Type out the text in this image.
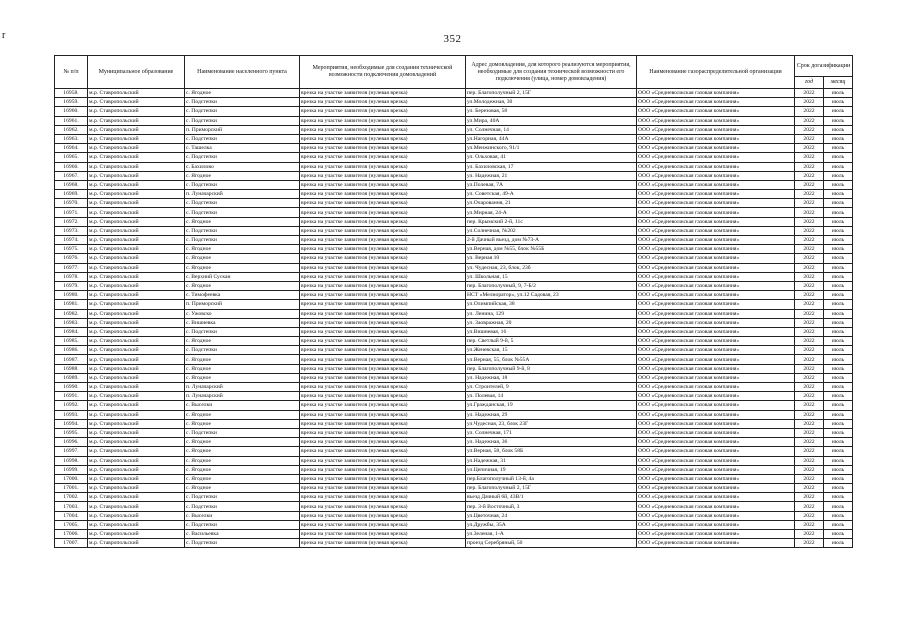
352
r
№ п/п	Муниципальное образование	Наименование населенного пункта	Мероприятия, необходимые для создания технической возможности подключения домовладений	Адрес домовладения, для которого реализуются мероприятия, необходимые для создания технической возможности его подключения (улица, номер домовладения)	Наименование газораспределительной организации	Срок догазификации	
						год	месяц
16958.	м.р. Ставропольский	с. Ягодное	врезка на участке заявителя (нулевая врезка)	пер. Благополучный 2, 15Г	ООО «Средневолжская газовая компания»	2022	июль
16959.	м.р. Ставропольский	с. Подстепки	врезка на участке заявителя (нулевая врезка)	ул.Молодежная, 30	ООО «Средневолжская газовая компания»	2022	июль
16960.	м.р. Ставропольский	с. Подстепки	врезка на участке заявителя (нулевая врезка)	ул. Березовая, 58	ООО «Средневолжская газовая компания»	2022	июль
16961.	м.р. Ставропольский	с. Подстепки	врезка на участке заявителя (нулевая врезка)	ул.Мира, 40А	ООО «Средневолжская газовая компания»	2022	июль
16962.	м.р. Ставропольский	п. Приморский	врезка на участке заявителя (нулевая врезка)	ул. Солнечная, 14	ООО «Средневолжская газовая компания»	2022	июль
16963.	м.р. Ставропольский	с. Подстепки	врезка на участке заявителя (нулевая врезка)	ул.Нагорная, 44А	ООО «Средневолжская газовая компания»	2022	июль
16964.	м.р. Ставропольский	с. Ташелка	врезка на участке заявителя (нулевая врезка)	ул.Менжинского, 91/1	ООО «Средневолжская газовая компания»	2022	июль
16965.	м.р. Ставропольский	с. Подстепки	врезка на участке заявителя (нулевая врезка)	ул. Ольховая, 41	ООО «Средневолжская газовая компания»	2022	июль
16966.	м.р. Ставропольский	с. Бахилово	врезка на участке заявителя (нулевая врезка)	ул. Бахиловская, 17	ООО «Средневолжская газовая компания»	2022	июль
16967.	м.р. Ставропольский	с. Ягодное	врезка на участке заявителя (нулевая врезка)	ул. Надежная, 21	ООО «Средневолжская газовая компания»	2022	июль
16968.	м.р. Ставропольский	с. Подстепки	врезка на участке заявителя (нулевая врезка)	ул.Полевая, 7А	ООО «Средневолжская газовая компания»	2022	июль
16969.	м.р. Ставропольский	п. Луначарский	врезка на участке заявителя (нулевая врезка)	ул. Советская, 49-А	ООО «Средневолжская газовая компания»	2022	июль
16970.	м.р. Ставропольский	с. Подстепки	врезка на участке заявителя (нулевая врезка)	ул.Очаровання, 21	ООО «Средневолжская газовая компания»	2022	июль
16971.	м.р. Ставропольский	с. Подстепки	врезка на участке заявителя (нулевая врезка)	ул.Мирная, 24-А	ООО «Средневолжская газовая компания»	2022	июль
16972.	м.р. Ставропольский	с. Ягодное	врезка на участке заявителя (нулевая врезка)	пер. Крымский 2-й, 11с	ООО «Средневолжская газовая компания»	2022	июль
16973.	м.р. Ставропольский	с. Подстепки	врезка на участке заявителя (нулевая врезка)	ул.Солнечная, №202	ООО «Средневолжская газовая компания»	2022	июль
16974.	м.р. Ставропольский	с. Подстепки	врезка на участке заявителя (нулевая врезка)	2-й Дачный въезд, дом №73-А	ООО «Средневолжская газовая компания»	2022	июль
16975.	м.р. Ставропольский	с. Ягодное	врезка на участке заявителя (нулевая врезка)	ул.Верная, дом №55, блок №55Б	ООО «Средневолжская газовая компания»	2022	июль
16976.	м.р. Ставропольский	с. Ягодное	врезка на участке заявителя (нулевая врезка)	ул. Верная 10	ООО «Средневолжская газовая компания»	2022	июль
16977.	м.р. Ставропольский	с. Ягодное	врезка на участке заявителя (нулевая врезка)	ул. Чудесная, 23, блок, 23б	ООО «Средневолжская газовая компания»	2022	июль
16978.	м.р. Ставропольский	с. Верхний Сускан	врезка на участке заявителя (нулевая врезка)	ул. Школьная, 15	ООО «Средневолжская газовая компания»	2022	июль
16979.	м.р. Ставропольский	с. Ягодное	врезка на участке заявителя (нулевая врезка)	пер. Благополучный, 9, 7-Б/2	ООО «Средневолжская газовая компания»	2022	июль
16980.	м.р. Ставропольский	с. Тимофеевка	врезка на участке заявителя (нулевая врезка)	НСТ «Мелиоратор», ул.12 Садовая, 23	ООО «Средневолжская газовая компания»	2022	июль
16981.	м.р. Ставропольский	п. Приморский	врезка на участке заявителя (нулевая врезка)	ул.Олимпийская, 38	ООО «Средневолжская газовая компания»	2022	июль
16982.	м.р. Ставропольский	с. Ужовско	врезка на участке заявителя (нулевая врезка)	ул. Ленина, 129	ООО «Средневолжская газовая компания»	2022	июль
16983.	м.р. Ставропольский	с. Вишневка	врезка на участке заявителя (нулевая врезка)	ул. Заовражная, 20	ООО «Средневолжская газовая компания»	2022	июль
16984.	м.р. Ставропольский	с. Подстепки	врезка на участке заявителя (нулевая врезка)	ул.Вишневая, 16	ООО «Средневолжская газовая компания»	2022	июль
16985.	м.р. Ставропольский	с. Ягодное	врезка на участке заявителя (нулевая врезка)	пер. Светлый 9-й, 5	ООО «Средневолжская газовая компания»	2022	июль
16986.	м.р. Ставропольский	с. Подстепки	врезка на участке заявителя (нулевая врезка)	ул.Женевская, 15	ООО «Средневолжская газовая компания»	2022	июль
16987.	м.р. Ставропольский	с. Ягодное	врезка на участке заявителя (нулевая врезка)	ул.Верная, 55, блок №55А	ООО «Средневолжская газовая компания»	2022	июль
16988.	м.р. Ставропольский	с. Ягодное	врезка на участке заявителя (нулевая врезка)	пер. Благополучный 9-й, 8	ООО «Средневолжская газовая компания»	2022	июль
16989.	м.р. Ставропольский	с. Ягодное	врезка на участке заявителя (нулевая врезка)	ул. Надежная, 18	ООО «Средневолжская газовая компания»	2022	июль
16990.	м.р. Ставропольский	п. Луначарский	врезка на участке заявителя (нулевая врезка)	ул. Строителей, 9	ООО «Средневолжская газовая компания»	2022	июль
16991.	м.р. Ставропольский	п. Луначарский	врезка на участке заявителя (нулевая врезка)	ул. Полевая, 14	ООО «Средневолжская газовая компания»	2022	июль
16992.	м.р. Ставропольский	с. Выселки	врезка на участке заявителя (нулевая врезка)	ул.Гражданская, 19	ООО «Средневолжская газовая компания»	2022	июль
16993.	м.р. Ставропольский	с. Ягодное	врезка на участке заявителя (нулевая врезка)	ул. Надежная, 29	ООО «Средневолжская газовая компания»	2022	июль
16994.	м.р. Ставропольский	с. Ягодное	врезка на участке заявителя (нулевая врезка)	ул.Чудесная, 23, блок 23Г	ООО «Средневолжская газовая компания»	2022	июль
16995.	м.р. Ставропольский	с. Подстепки	врезка на участке заявителя (нулевая врезка)	ул. Солнечная, 171	ООО «Средневолжская газовая компания»	2022	июль
16996.	м.р. Ставропольский	с. Ягодное	врезка на участке заявителя (нулевая врезка)	ул. Надежная, 36	ООО «Средневолжская газовая компания»	2022	июль
16997.	м.р. Ставропольский	с. Ягодное	врезка на участке заявителя (нулевая врезка)	ул.Верная, 58, блок 58Б	ООО «Средневолжская газовая компания»	2022	июль
16998.	м.р. Ставропольский	с. Ягодное	врезка на участке заявителя (нулевая врезка)	ул.Надежная, 31	ООО «Средневолжская газовая компания»	2022	июль
16999.	м.р. Ставропольский	с. Ягодное	врезка на участке заявителя (нулевая врезка)	ул.Цепичная, 19	ООО «Средневолжская газовая компания»	2022	июль
17000.	м.р. Ставропольский	с. Ягодное	врезка на участке заявителя (нулевая врезка)	пер.Благополучный 13-й, 4а	ООО «Средневолжская газовая компания»	2022	июль
17001.	м.р. Ставропольский	с. Ягодное	врезка на участке заявителя (нулевая врезка)	пер. Благополучный 2, 15Г	ООО «Средневолжская газовая компания»	2022	июль
17002.	м.р. Ставропольский	с. Подстепки	врезка на участке заявителя (нулевая врезка)	въезд Дачный 6й, 43В/1	ООО «Средневолжская газовая компания»	2022	июль
17003.	м.р. Ставропольский	с. Подстепки	врезка на участке заявителя (нулевая врезка)	пер. 3-й Восточный, 3	ООО «Средневолжская газовая компания»	2022	июль
17004.	м.р. Ставропольский	с. Выселки	врезка на участке заявителя (нулевая врезка)	ул.Цветочная, 24	ООО «Средневолжская газовая компания»	2022	июль
17005.	м.р. Ставропольский	с. Подстепки	врезка на участке заявителя (нулевая врезка)	ул.Дружбы, 35А	ООО «Средневолжская газовая компания»	2022	июль
17006.	м.р. Ставропольский	с. Васильевка	врезка на участке заявителя (нулевая врезка)	ул.Зеленая, 1-А	ООО «Средневолжская газовая компания»	2022	июль
17007.	м.р. Ставропольский	с. Подстепки	врезка на участке заявителя (нулевая врезка)	проезд Серебряный, 50	ООО «Средневолжская газовая компания»	2022	июль
